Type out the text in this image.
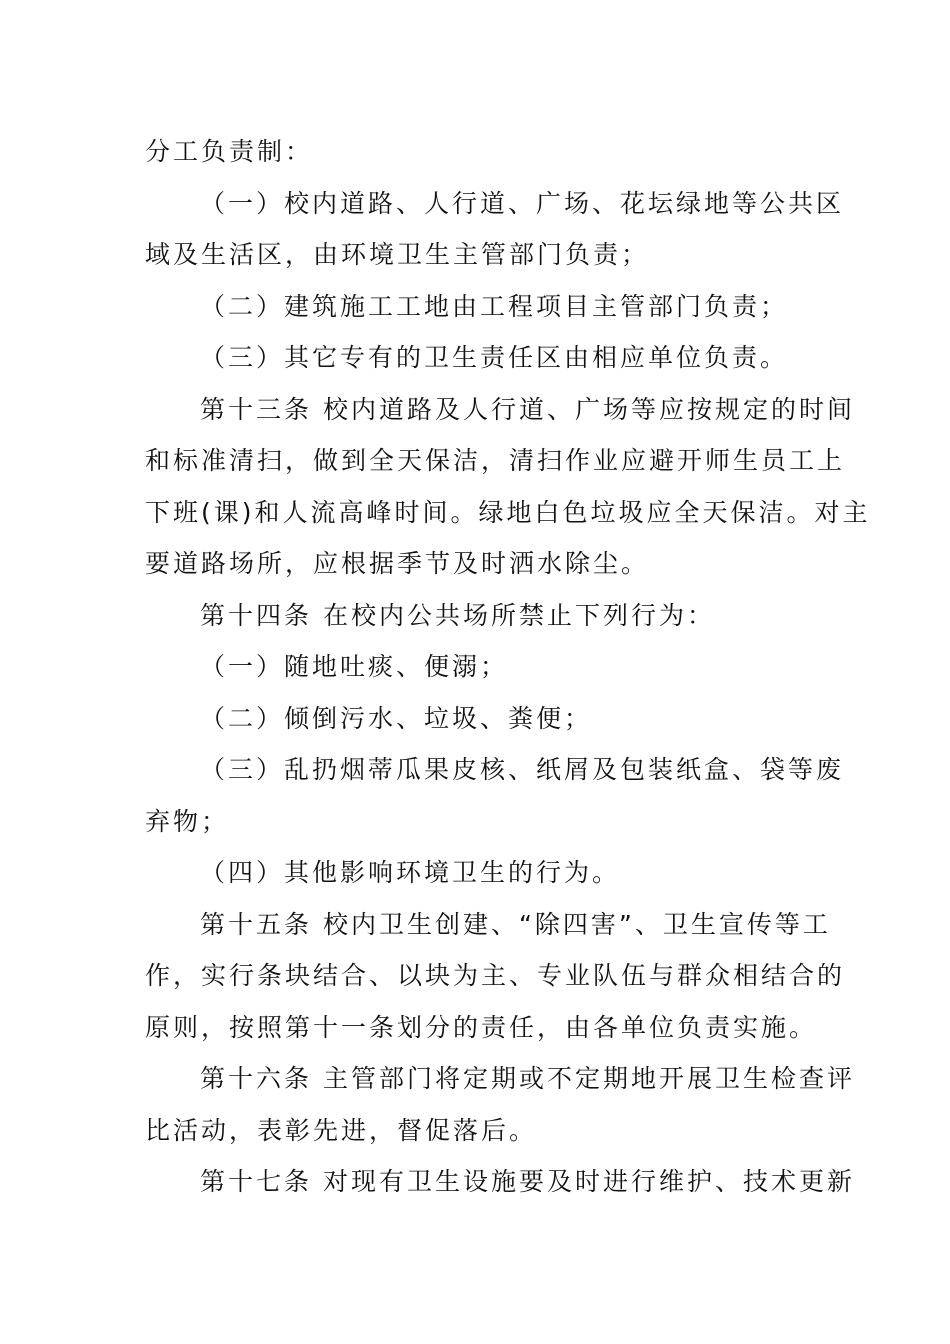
分工负责制：
（一）校内道路、人行道、广场、花坛绿地等公共区
域及生活区，由环境卫生主管部门负责；
（二）建筑施工工地由工程项目主管部门负责；
（三）其它专有的卫生责任区由相应单位负责。
第十三条 校内道路及人行道、广场等应按规定的时间
和标准清扫，做到全天保洁，清扫作业应避开师生员工上
下班(课)和人流高峰时间。绿地白色垃圾应全天保洁。对主
要道路场所，应根据季节及时洒水除尘。
第十四条 在校内公共场所禁止下列行为：
（一）随地吐痰、便溺；
（二）倾倒污水、垃圾、粪便；
（三）乱扔烟蒂瓜果皮核、纸屑及包装纸盒、袋等废
弃物；
（四）其他影响环境卫生的行为。
第十五条 校内卫生创建、“除四害”、卫生宣传等工
作，实行条块结合、以块为主、专业队伍与群众相结合的
原则，按照第十一条划分的责任，由各单位负责实施。
第十六条 主管部门将定期或不定期地开展卫生检查评
比活动，表彰先进，督促落后。
第十七条 对现有卫生设施要及时进行维护、技术更新
